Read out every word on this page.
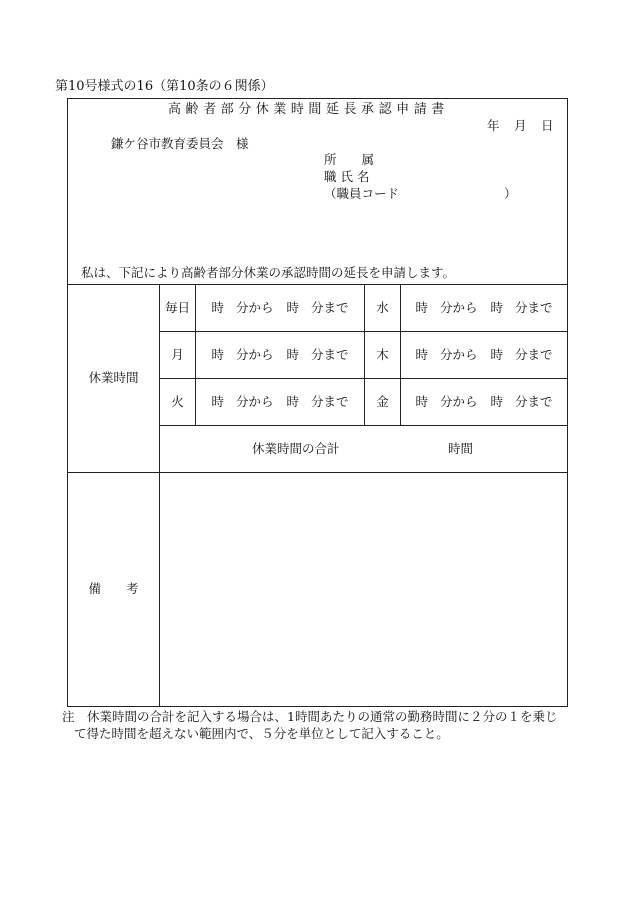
第10号様式の16（第10条の６関係）
高齢者部分休業時間延長承認申請書
年 月 日
鎌ケ谷市教育委員会　様
所　　属
職 氏 名
（職員コード	）
私は、下記により高齢者部分休業の承認時間の延長を申請します。
休業時間
毎日	時 分から 時 分まで	水	時 分から 時 分まで
月	時 分から 時 分まで	木	時 分から 時 分まで
火	時 分から 時 分まで	金	時 分から 時 分まで
休業時間の合計	時間
備　　考
注　休業時間の合計を記入する場合は、1時間あたりの通常の勤務時間に２分の１を乗じ
て得た時間を超えない範囲内で、５分を単位として記入すること。
